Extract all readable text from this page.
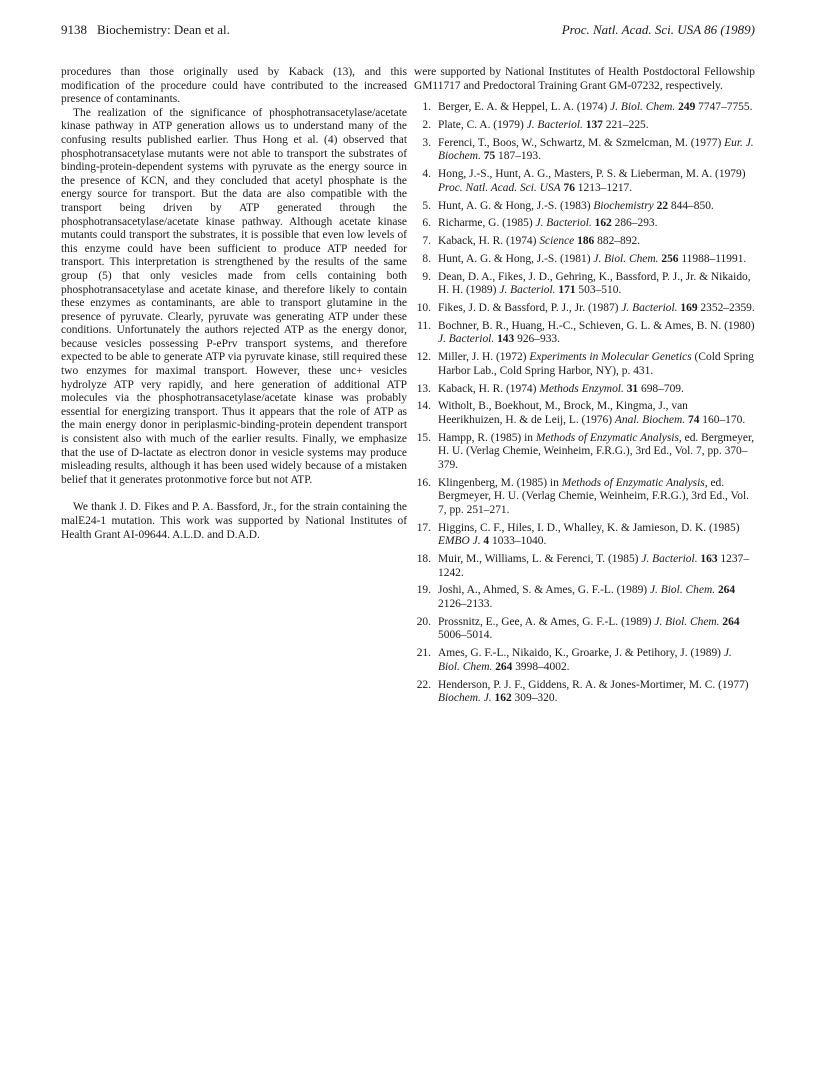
9138 Biochemistry: Dean et al.	Proc. Natl. Acad. Sci. USA 86 (1989)

procedures than those originally used by Kaback (13), and this modification of the procedure could have contributed to the increased presence of contaminants.

The realization of the significance of phosphotransacetylase/acetate kinase pathway in ATP generation allows us to understand many of the confusing results published earlier. Thus Hong et al. (4) observed that phosphotransacetylase mutants were not able to transport the substrates of binding-protein-dependent systems with pyruvate as the energy source in the presence of KCN, and they concluded that acetyl phosphate is the energy source for transport. But the data are also compatible with the transport being driven by ATP generated through the phosphotransacetylase/acetate kinase pathway. Although acetate kinase mutants could transport the substrates, it is possible that even low levels of this enzyme could have been sufficient to produce ATP needed for transport. This interpretation is strengthened by the results of the same group (5) that only vesicles made from cells containing both phosphotransacetylase and acetate kinase, and therefore likely to contain these enzymes as contaminants, are able to transport glutamine in the presence of pyruvate. Clearly, pyruvate was generating ATP under these conditions. Unfortunately the authors rejected ATP as the energy donor, because vesicles possessing P-ePrv transport systems, and therefore expected to be able to generate ATP via pyruvate kinase, still required these two enzymes for maximal transport. However, these unc+ vesicles hydrolyze ATP very rapidly, and here generation of additional ATP molecules via the phosphotransacetylase/acetate kinase was probably essential for energizing transport. Thus it appears that the role of ATP as the main energy donor in periplasmic-binding-protein dependent transport is consistent also with much of the earlier results. Finally, we emphasize that the use of D-lactate as electron donor in vesicle systems may produce misleading results, although it has been used widely because of a mistaken belief that it generates protonmotive force but not ATP.

We thank J. D. Fikes and P. A. Bassford, Jr., for the strain containing the malE24-1 mutation. This work was supported by National Institutes of Health Grant AI-09644. A.L.D. and D.A.D.

were supported by National Institutes of Health Postdoctoral Fellowship GM11717 and Predoctoral Training Grant GM-07232, respectively.

1. Berger, E. A. & Heppel, L. A. (1974) J. Biol. Chem. 249 7747–7755.
2. Plate, C. A. (1979) J. Bacteriol. 137 221–225.
3. Ferenci, T., Boos, W., Schwartz, M. & Szmelcman, M. (1977) Eur. J. Biochem. 75 187–193.
4. Hong, J.-S., Hunt, A. G., Masters, P. S. & Lieberman, M. A. (1979) Proc. Natl. Acad. Sci. USA 76 1213–1217.
5. Hunt, A. G. & Hong, J.-S. (1983) Biochemistry 22 844–850.
6. Richarme, G. (1985) J. Bacteriol. 162 286–293.
7. Kaback, H. R. (1974) Science 186 882–892.
8. Hunt, A. G. & Hong, J.-S. (1981) J. Biol. Chem. 256 11988–11991.
9. Dean, D. A., Fikes, J. D., Gehring, K., Bassford, P. J., Jr. & Nikaido, H. H. (1989) J. Bacteriol. 171 503–510.
10. Fikes, J. D. & Bassford, P. J., Jr. (1987) J. Bacteriol. 169 2352–2359.
11. Bochner, B. R., Huang, H.-C., Schieven, G. L. & Ames, B. N. (1980) J. Bacteriol. 143 926–933.
12. Miller, J. H. (1972) Experiments in Molecular Genetics (Cold Spring Harbor Lab., Cold Spring Harbor, NY), p. 431.
13. Kaback, H. R. (1974) Methods Enzymol. 31 698–709.
14. Witholt, B., Boekhout, M., Brock, M., Kingma, J., van Heerikhuizen, H. & de Leij, L. (1976) Anal. Biochem. 74 160–170.
15. Hampp, R. (1985) in Methods of Enzymatic Analysis, ed. Bergmeyer, H. U. (Verlag Chemie, Weinheim, F.R.G.), 3rd Ed., Vol. 7, pp. 370–379.
16. Klingenberg, M. (1985) in Methods of Enzymatic Analysis, ed. Bergmeyer, H. U. (Verlag Chemie, Weinheim, F.R.G.), 3rd Ed., Vol. 7, pp. 251–271.
17. Higgins, C. F., Hiles, I. D., Whalley, K. & Jamieson, D. K. (1985) EMBO J. 4 1033–1040.
18. Muir, M., Williams, L. & Ferenci, T. (1985) J. Bacteriol. 163 1237–1242.
19. Joshi, A., Ahmed, S. & Ames, G. F.-L. (1989) J. Biol. Chem. 264 2126–2133.
20. Prossnitz, E., Gee, A. & Ames, G. F.-L. (1989) J. Biol. Chem. 264 5006–5014.
21. Ames, G. F.-L., Nikaido, K., Groarke, J. & Petihory, J. (1989) J. Biol. Chem. 264 3998–4002.
22. Henderson, P. J. F., Giddens, R. A. & Jones-Mortimer, M. C. (1977) Biochem. J. 162 309–320.
